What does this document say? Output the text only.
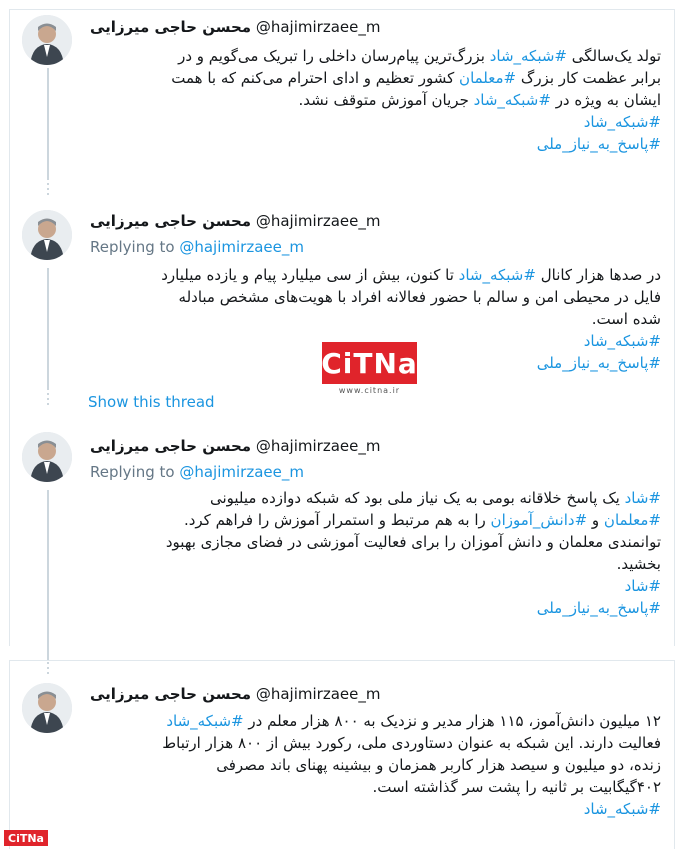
محسن حاجی میرزایی @hajimirzaee_m

تولد یک‌سالگی #شبکه_شاد بزرگ‌ترین پیام‌رسان داخلی را تبریک می‌گویم و در

برابر عظمت کار بزرگ #معلمان کشور تعظیم و ادای احترام می‌کنم که با همت

ایشان به ویژه در #شبکه_شاد جریان آموزش متوقف نشد.

#شبکه_شاد

#پاسخ_به_نیاز_ملی

محسن حاجی میرزایی @hajimirzaee_m
Replying to @hajimirzaee_m

در صدها هزار کانال #شبکه_شاد تا کنون، بیش از سی میلیارد پیام و یازده میلیارد

فایل در محیطی امن و سالم با حضور فعالانه افراد با هویت‌های مشخص مبادله

شده است.

#شبکه_شاد

#پاسخ_به_نیاز_ملی

CiTNa
www.citna.ir
Show this thread
محسن حاجی میرزایی @hajimirzaee_m
Replying to @hajimirzaee_m

#شاد یک پاسخ خلاقانه بومی به یک نیاز ملی بود که شبکه دوازده میلیونی

#معلمان و #دانش_آموزان را به هم مرتبط و استمرار آموزش را فراهم کرد.

توانمندی معلمان و دانش آموزان را برای فعالیت آموزشی در فضای مجازی بهبود

بخشید.

#شاد

#پاسخ_به_نیاز_ملی

محسن حاجی میرزایی @hajimirzaee_m

۱۲ میلیون دانش‌آموز، ۱۱۵ هزار مدیر و نزدیک به ۸۰۰ هزار معلم در #شبکه_شاد

فعالیت دارند. این شبکه به عنوان دستاوردی ملی، رکورد بیش از ۸۰۰ هزار ارتباط

زنده، دو میلیون و سیصد هزار کاربر همزمان و بیشینه پهنای باند مصرفی

۴۰۲گیگابیت بر ثانیه را پشت سر گذاشته است.

#شبکه_شاد

CiTNa
